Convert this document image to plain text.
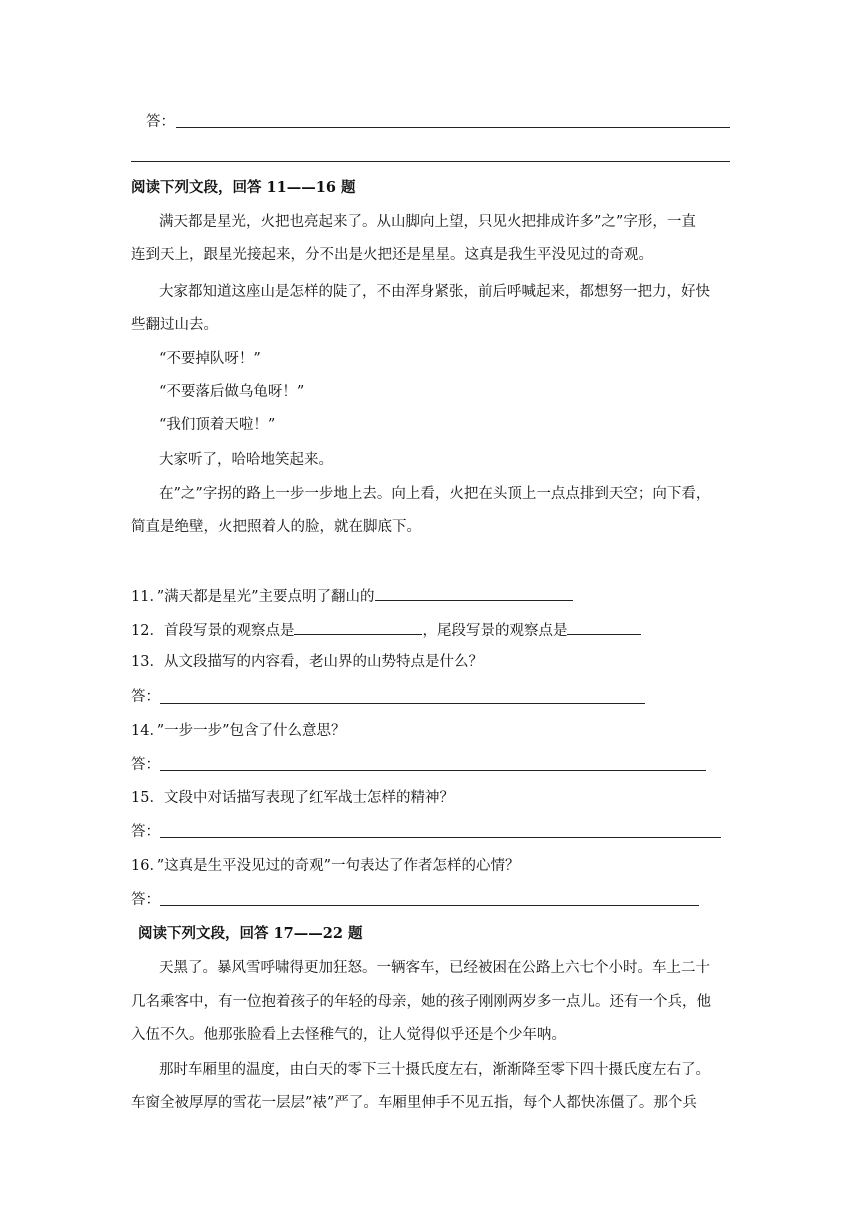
答：
阅读下列文段，回答 11——16 题
满天都是星光，火把也亮起来了。从山脚向上望，只见火把排成许多”之”字形，一直
连到天上，跟星光接起来，分不出是火把还是星星。这真是我生平没见过的奇观。
大家都知道这座山是怎样的陡了，不由浑身紧张，前后呼喊起来，都想努一把力，好快
些翻过山去。
“不要掉队呀！”
“不要落后做乌龟呀！”
“我们顶着天啦！”
大家听了，哈哈地笑起来。
在”之”字拐的路上一步一步地上去。向上看，火把在头顶上一点点排到天空；向下看，
简直是绝壁，火把照着人的脸，就在脚底下。
11．”满天都是星光”主要点明了翻山的
12．首段写景的观察点是	，尾段写景的观察点是
13．从文段描写的内容看，老山界的山势特点是什么？
答：
14．”一步一步”包含了什么意思？
答：
15．文段中对话描写表现了红军战士怎样的精神？
答：
16．”这真是生平没见过的奇观”一句表达了作者怎样的心情？
答：
阅读下列文段，回答 17——22 题
天黑了。暴风雪呼啸得更加狂怒。一辆客车，已经被困在公路上六七个小时。车上二十
几名乘客中，有一位抱着孩子的年轻的母亲，她的孩子刚刚两岁多一点儿。还有一个兵，他
入伍不久。他那张脸看上去怪稚气的，让人觉得似乎还是个少年呐。
那时车厢里的温度，由白天的零下三十摄氏度左右，渐渐降至零下四十摄氏度左右了。
车窗全被厚厚的雪花一层层”裱”严了。车厢里伸手不见五指，每个人都快冻僵了。那个兵
